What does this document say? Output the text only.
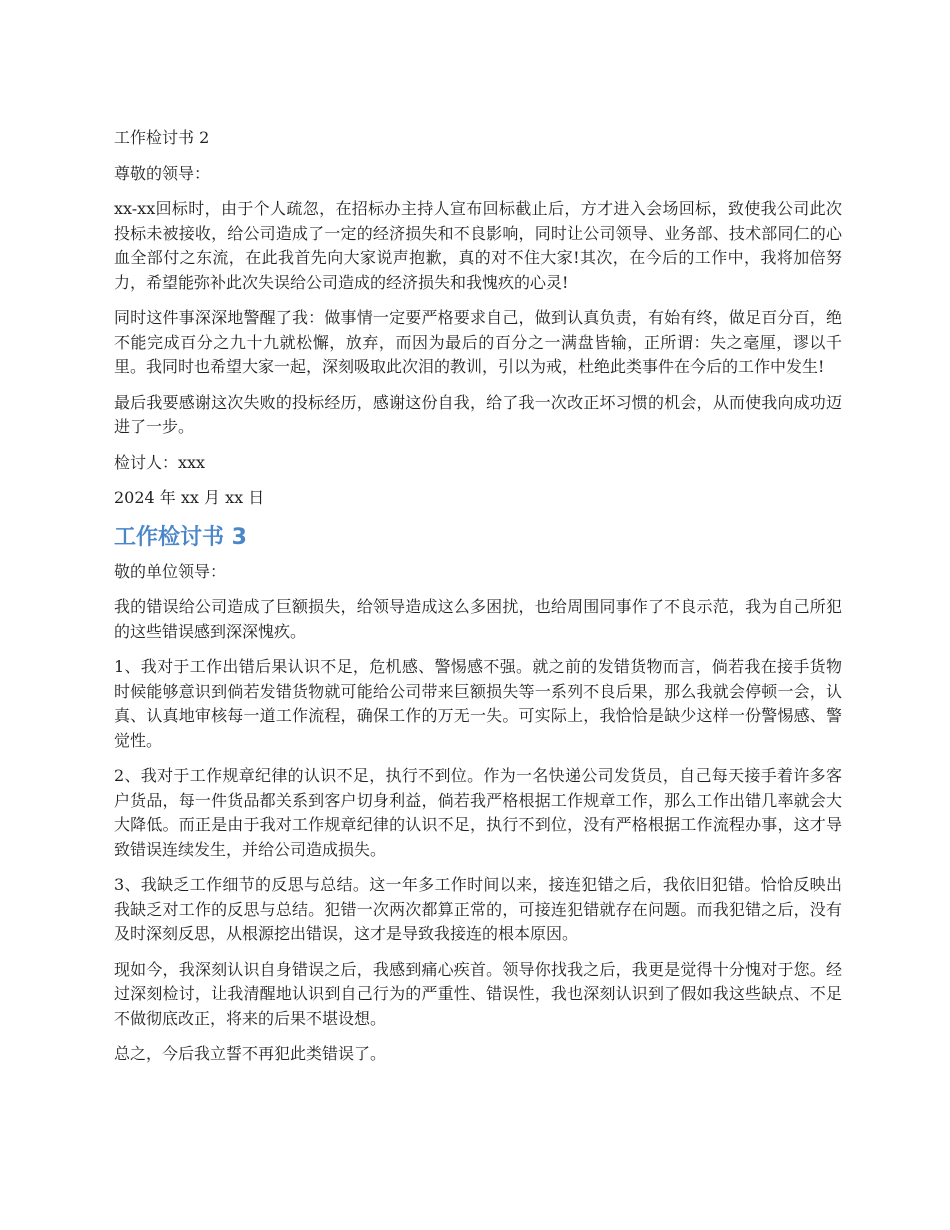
工作检讨书 2

尊敬的领导：

xx-xx回标时，由于个人疏忽，在招标办主持人宣布回标截止后，方才进入会场回标，致使我公司此次投标未被接收，给公司造成了一定的经济损失和不良影响，同时让公司领导、业务部、技术部同仁的心血全部付之东流，在此我首先向大家说声抱歉，真的对不住大家!其次，在今后的工作中，我将加倍努力，希望能弥补此次失误给公司造成的经济损失和我愧疚的心灵!

同时这件事深深地警醒了我：做事情一定要严格要求自己，做到认真负责，有始有终，做足百分百，绝不能完成百分之九十九就松懈，放弃，而因为最后的百分之一满盘皆输，正所谓：失之毫厘，谬以千里。我同时也希望大家一起，深刻吸取此次泪的教训，引以为戒，杜绝此类事件在今后的工作中发生!

最后我要感谢这次失败的投标经历，感谢这份自我，给了我一次改正坏习惯的机会，从而使我向成功迈进了一步。

检讨人：xxx

2024 年 xx 月 xx 日

工作检讨书 3

敬的单位领导：

我的错误给公司造成了巨额损失，给领导造成这么多困扰，也给周围同事作了不良示范，我为自己所犯的这些错误感到深深愧疚。

1、我对于工作出错后果认识不足，危机感、警惕感不强。就之前的发错货物而言，倘若我在接手货物时候能够意识到倘若发错货物就可能给公司带来巨额损失等一系列不良后果，那么我就会停顿一会，认真、认真地审核每一道工作流程，确保工作的万无一失。可实际上，我恰恰是缺少这样一份警惕感、警觉性。

2、我对于工作规章纪律的认识不足，执行不到位。作为一名快递公司发货员，自己每天接手着许多客户货品，每一件货品都关系到客户切身利益，倘若我严格根据工作规章工作，那么工作出错几率就会大大降低。而正是由于我对工作规章纪律的认识不足，执行不到位，没有严格根据工作流程办事，这才导致错误连续发生，并给公司造成损失。

3、我缺乏工作细节的反思与总结。这一年多工作时间以来，接连犯错之后，我依旧犯错。恰恰反映出我缺乏对工作的反思与总结。犯错一次两次都算正常的，可接连犯错就存在问题。而我犯错之后，没有及时深刻反思，从根源挖出错误，这才是导致我接连的根本原因。

现如今，我深刻认识自身错误之后，我感到痛心疾首。领导你找我之后，我更是觉得十分愧对于您。经过深刻检讨，让我清醒地认识到自己行为的严重性、错误性，我也深刻认识到了假如我这些缺点、不足不做彻底改正，将来的后果不堪设想。

总之，今后我立誓不再犯此类错误了。
